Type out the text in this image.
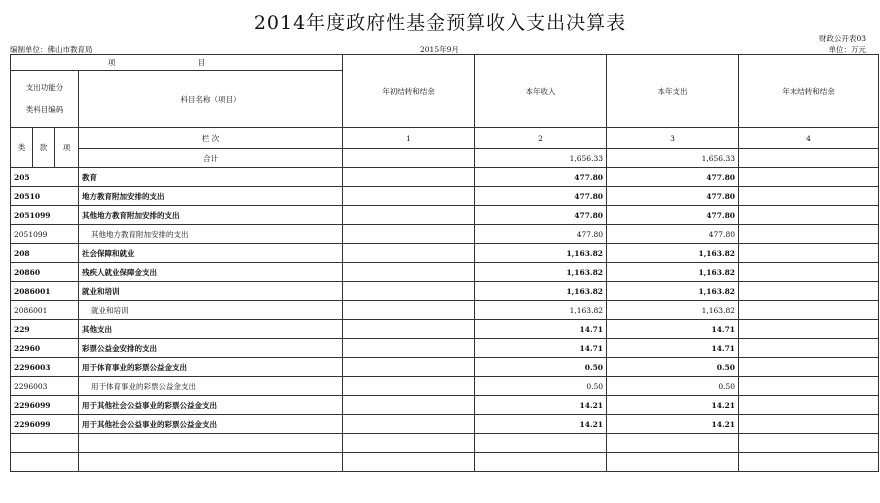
2014年度政府性基金预算收入支出决算表
财政公开表03
编制单位：佛山市教育局	2015年9月	单位：万元
项 目				年初结转和结余	本年收入	本年支出	年末结转和结余

支出功能分
类科目编码			科目名称（项目）				
类	款	项	栏 次	1	2	3	4
			合计		1,656.33	1,656.33	
205			教育		477.80	477.80	
20510			地方教育附加安排的支出		477.80	477.80	
2051099			其他地方教育附加安排的支出		477.80	477.80	
2051099			其他地方教育附加安排的支出		477.80	477.80	
208			社会保障和就业		1,163.82	1,163.82	
20860			残疾人就业保障金支出		1,163.82	1,163.82	
2086001			就业和培训		1,163.82	1,163.82	
2086001			就业和培训		1,163.82	1,163.82	
229			其他支出		14.71	14.71	
22960			彩票公益金安排的支出		14.71	14.71	
2296003			用于体育事业的彩票公益金支出		0.50	0.50	
2296003			用于体育事业的彩票公益金支出		0.50	0.50	
2296099			用于其他社会公益事业的彩票公益金支出		14.21	14.21	
2296099			用于其他社会公益事业的彩票公益金支出		14.21	14.21	
